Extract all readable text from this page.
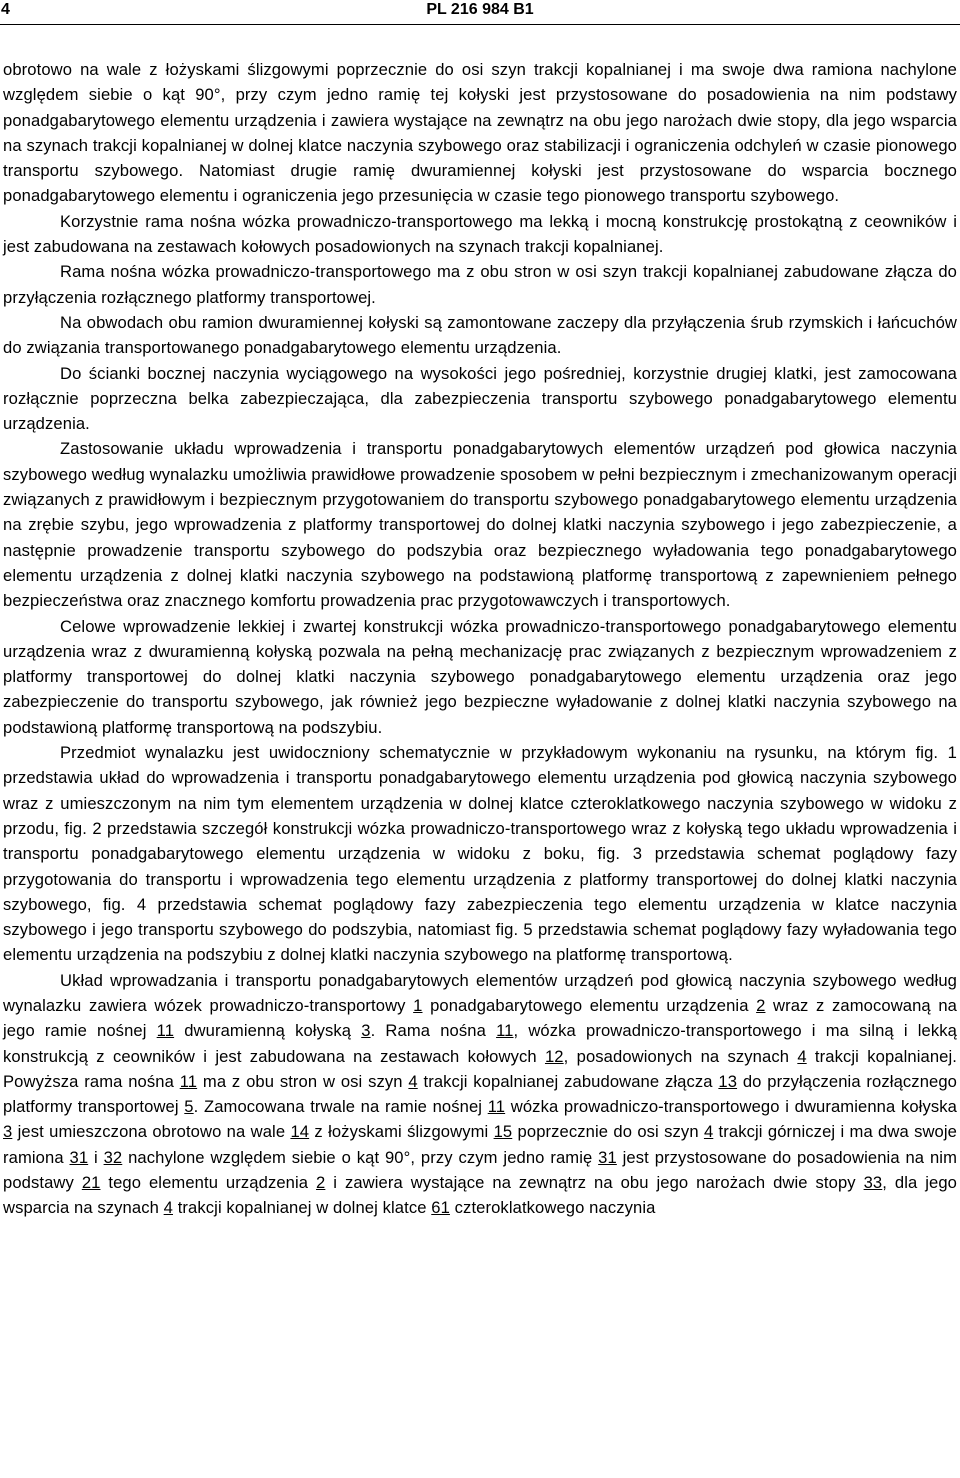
4	PL 216 984 B1

obrotowo na wale z łożyskami ślizgowymi poprzecznie do osi szyn trakcji kopalnianej i ma swoje dwa ramiona nachylone względem siebie o kąt 90°, przy czym jedno ramię tej kołyski jest przystosowane do posadowienia na nim podstawy ponadgabarytowego elementu urządzenia i zawiera wystające na zewnątrz na obu jego narożach dwie stopy, dla jego wsparcia na szynach trakcji kopalnianej w dolnej klatce naczynia szybowego oraz stabilizacji i ograniczenia odchyleń w czasie pionowego transportu szybowego. Natomiast drugie ramię dwuramiennej kołyski jest przystosowane do wsparcia bocznego ponadgabarytowego elementu i ograniczenia jego przesunięcia w czasie tego pionowego transportu szybowego.

Korzystnie rama nośna wózka prowadniczo-transportowego ma lekką i mocną konstrukcję prostokątną z ceowników i jest zabudowana na zestawach kołowych posadowionych na szynach trakcji kopalnianej.

Rama nośna wózka prowadniczo-transportowego ma z obu stron w osi szyn trakcji kopalnianej zabudowane złącza do przyłączenia rozłącznego platformy transportowej.

Na obwodach obu ramion dwuramiennej kołyski są zamontowane zaczepy dla przyłączenia śrub rzymskich i łańcuchów do związania transportowanego ponadgabarytowego elementu urządzenia.

Do ścianki bocznej naczynia wyciągowego na wysokości jego pośredniej, korzystnie drugiej klatki, jest zamocowana rozłącznie poprzeczna belka zabezpieczająca, dla zabezpieczenia transportu szybowego ponadgabarytowego elementu urządzenia.

Zastosowanie układu wprowadzenia i transportu ponadgabarytowych elementów urządzeń pod głowica naczynia szybowego według wynalazku umożliwia prawidłowe prowadzenie sposobem w pełni bezpiecznym i zmechanizowanym operacji związanych z prawidłowym i bezpiecznym przygotowaniem do transportu szybowego ponadgabarytowego elementu urządzenia na zrębie szybu, jego wprowadzenia z platformy transportowej do dolnej klatki naczynia szybowego i jego zabezpieczenie, a następnie prowadzenie transportu szybowego do podszybia oraz bezpiecznego wyładowania tego ponadgabarytowego elementu urządzenia z dolnej klatki naczynia szybowego na podstawioną platformę transportową z zapewnieniem pełnego bezpieczeństwa oraz znacznego komfortu prowadzenia prac przygotowawczych i transportowych.

Celowe wprowadzenie lekkiej i zwartej konstrukcji wózka prowadniczo-transportowego ponadgabarytowego elementu urządzenia wraz z dwuramienną kołyską pozwala na pełną mechanizację prac związanych z bezpiecznym wprowadzeniem z platformy transportowej do dolnej klatki naczynia szybowego ponadgabarytowego elementu urządzenia oraz jego zabezpieczenie do transportu szybowego, jak również jego bezpieczne wyładowanie z dolnej klatki naczynia szybowego na podstawioną platformę transportową na podszybiu.

Przedmiot wynalazku jest uwidoczniony schematycznie w przykładowym wykonaniu na rysunku, na którym fig. 1 przedstawia układ do wprowadzenia i transportu ponadgabarytowego elementu urządzenia pod głowicą naczynia szybowego wraz z umieszczonym na nim tym elementem urządzenia w dolnej klatce czteroklatkowego naczynia szybowego w widoku z przodu, fig. 2 przedstawia szczegół konstrukcji wózka prowadniczo-transportowego wraz z kołyską tego układu wprowadzenia i transportu ponadgabarytowego elementu urządzenia w widoku z boku, fig. 3 przedstawia schemat poglądowy fazy przygotowania do transportu i wprowadzenia tego elementu urządzenia z platformy transportowej do dolnej klatki naczynia szybowego, fig. 4 przedstawia schemat poglądowy fazy zabezpieczenia tego elementu urządzenia w klatce naczynia szybowego i jego transportu szybowego do podszybia, natomiast fig. 5 przedstawia schemat poglądowy fazy wyładowania tego elementu urządzenia na podszybiu z dolnej klatki naczynia szybowego na platformę transportową.

Układ wprowadzania i transportu ponadgabarytowych elementów urządzeń pod głowicą naczynia szybowego według wynalazku zawiera wózek prowadniczo-transportowy 1 ponadgabarytowego elementu urządzenia 2 wraz z zamocowaną na jego ramie nośnej 11 dwuramienną kołyską 3. Rama nośna 11, wózka prowadniczo-transportowego i ma silną i lekką konstrukcją z ceowników i jest zabudowana na zestawach kołowych 12, posadowionych na szynach 4 trakcji kopalnianej. Powyższa rama nośna 11 ma z obu stron w osi szyn 4 trakcji kopalnianej zabudowane złącza 13 do przyłączenia rozłącznego platformy transportowej 5. Zamocowana trwale na ramie nośnej 11 wózka prowadniczo-transportowego i dwuramienna kołyska 3 jest umieszczona obrotowo na wale 14 z łożyskami ślizgowymi 15 poprzecznie do osi szyn 4 trakcji górniczej i ma dwa swoje ramiona 31 i 32 nachylone względem siebie o kąt 90°, przy czym jedno ramię 31 jest przystosowane do posadowienia na nim podstawy 21 tego elementu urządzenia 2 i zawiera wystające na zewnątrz na obu jego narożach dwie stopy 33, dla jego wsparcia na szynach 4 trakcji kopalnianej w dolnej klatce 61 czteroklatkowego naczynia
